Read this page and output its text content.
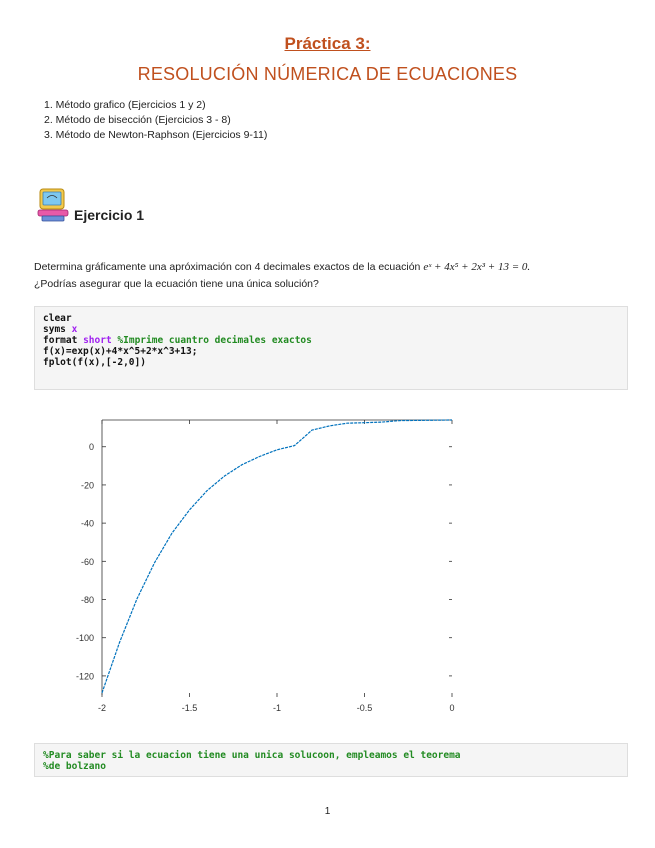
Práctica 3:
RESOLUCIÓN NÚMERICA DE ECUACIONES
1. Método grafico (Ejercicios 1 y 2)
2. Método de bisección (Ejercicios 3 - 8)
3. Método de Newton-Raphson (Ejercicios 9-11)
Ejercicio 1
Determina gráficamente una apróximación con 4 decimales exactos de la ecuación eˣ + 4x⁵ + 2x³ + 13 = 0.
¿Podrías asegurar que la ecuación tiene una única solución?
clear
syms x
format short %Imprime cuantro decimales exactos
f(x)=exp(x)+4*x^5+2*x^3+13;
fplot(f(x),[-2,0])
0
-20
-40
-60
-80
-100
-120
-2	-1.5	-1	-0.5	0
%Para saber si la ecuacion tiene una unica solucoon, empleamos el teorema
%de bolzano
1
